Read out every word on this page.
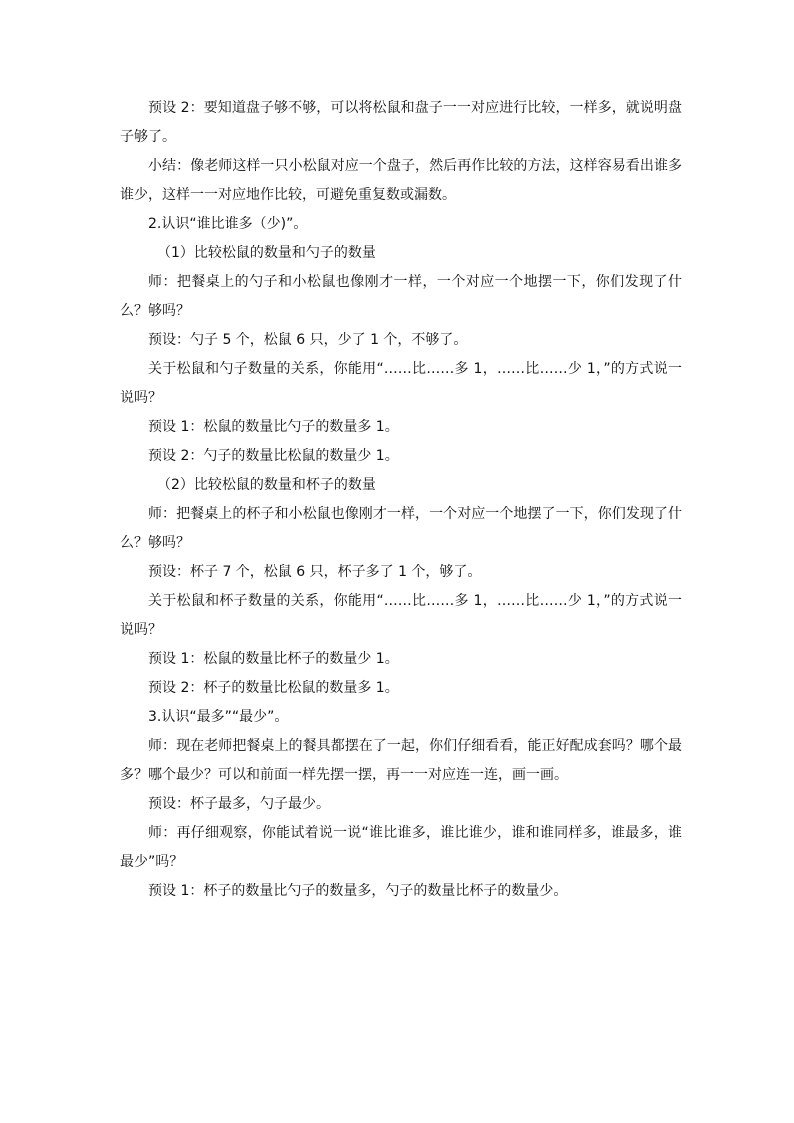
预设 2：要知道盘子够不够，可以将松鼠和盘子一一对应进行比较，一样多，就说明盘子够了。

小结：像老师这样一只小松鼠对应一个盘子，然后再作比较的方法，这样容易看出谁多谁少，这样一一对应地作比较，可避免重复数或漏数。

2.认识“谁比谁多（少)”。

（1）比较松鼠的数量和勺子的数量

师：把餐桌上的勺子和小松鼠也像刚才一样，一个对应一个地摆一下，你们发现了什么？够吗？

预设：勺子 5 个，松鼠 6 只，少了 1 个，不够了。

关于松鼠和勺子数量的关系，你能用“……比……多 1，……比……少 1，”的方式说一说吗？

预设 1：松鼠的数量比勺子的数量多 1。

预设 2：勺子的数量比松鼠的数量少 1。

（2）比较松鼠的数量和杯子的数量

师：把餐桌上的杯子和小松鼠也像刚才一样，一个对应一个地摆了一下，你们发现了什么？够吗？

预设：杯子 7 个，松鼠 6 只，杯子多了 1 个，够了。

关于松鼠和杯子数量的关系，你能用“……比……多 1，……比……少 1，”的方式说一说吗？

预设 1：松鼠的数量比杯子的数量少 1。

预设 2：杯子的数量比松鼠的数量多 1。

3.认识“最多”“最少”。

师：现在老师把餐桌上的餐具都摆在了一起，你们仔细看看，能正好配成套吗？哪个最多？哪个最少？可以和前面一样先摆一摆，再一一对应连一连，画一画。

预设：杯子最多，勺子最少。

师：再仔细观察，你能试着说一说“谁比谁多，谁比谁少，谁和谁同样多，谁最多，谁最少”吗？

预设 1：杯子的数量比勺子的数量多，勺子的数量比杯子的数量少。
